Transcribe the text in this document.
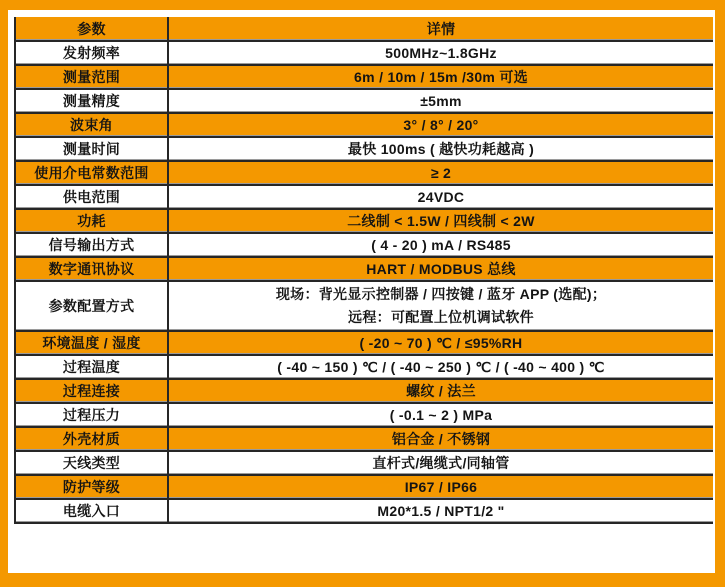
参数	详情
发射频率	500MHz~1.8GHz
测量范围	6m / 10m / 15m /30m 可选
测量精度	±5mm
波束角	3° / 8° / 20°
测量时间	最快 100ms ( 越快功耗越高 )
使用介电常数范围	≥ 2
供电范围	24VDC
功耗	二线制 < 1.5W / 四线制 < 2W
信号输出方式	( 4 - 20 ) mA / RS485
数字通讯协议	HART / MODBUS 总线
参数配置方式	现场：背光显示控制器 / 四按键 / 蓝牙 APP (选配)；
远程：可配置上位机调试软件

环境温度 / 湿度	( -20 ~ 70 ) ℃ / ≤95%RH
过程温度	( -40 ~ 150 ) ℃ / ( -40 ~ 250 ) ℃ / ( -40 ~ 400 ) ℃
过程连接	螺纹 / 法兰
过程压力	( -0.1 ~ 2 ) MPa
外壳材质	铝合金 / 不锈钢
天线类型	直杆式/绳缆式/同轴管
防护等级	IP67 / IP66
电缆入口	M20*1.5 / NPT1/2 "
